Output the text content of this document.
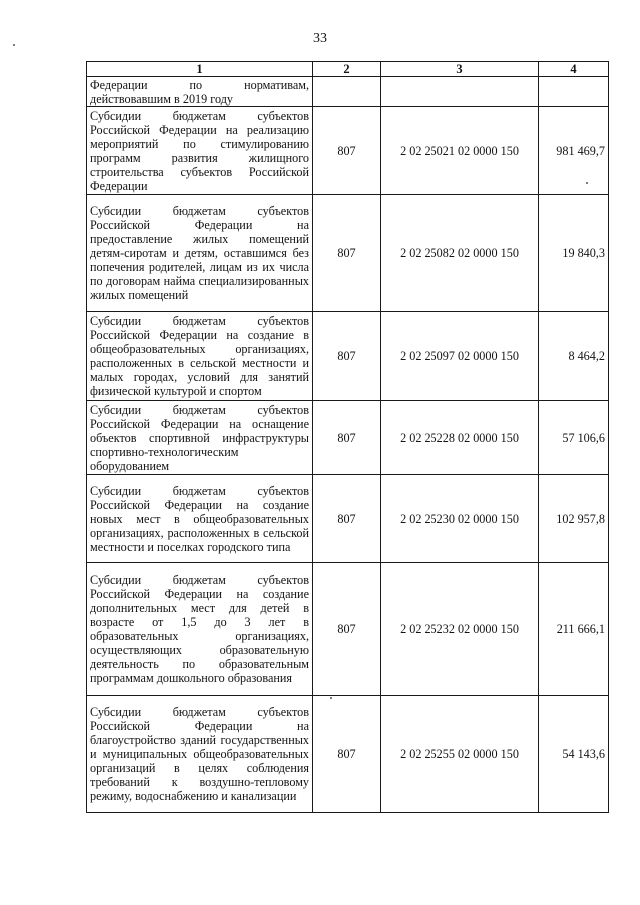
33
1	2	3	4
Федерации по нормативам, действовавшим в 2019 году			
Субсидии бюджетам субъектов Российской Федерации на реализацию мероприятий по стимулированию программ развития жилищного строительства субъектов Российской Федерации	807	2 02 25021 02 0000 150	981 469,7
Субсидии бюджетам субъектов Российской Федерации на предоставление жилых помещений детям-сиротам и детям, оставшимся без попечения родителей, лицам из их числа по договорам найма специализированных жилых помещений	807	2 02 25082 02 0000 150	19 840,3
Субсидии бюджетам субъектов Российской Федерации на создание в общеобразовательных организациях, расположенных в сельской местности и малых городах, условий для занятий физической культурой и спортом	807	2 02 25097 02 0000 150	8 464,2
Субсидии бюджетам субъектов Российской Федерации на оснащение объектов спортивной инфраструктуры спортивно-технологическим оборудованием	807	2 02 25228 02 0000 150	57 106,6
Субсидии бюджетам субъектов Российской Федерации на создание новых мест в общеобразовательных организациях, расположенных в сельской местности и поселках городского типа	807	2 02 25230 02 0000 150	102 957,8
Субсидии бюджетам субъектов Российской Федерации на создание дополнительных мест для детей в возрасте от 1,5 до 3 лет в образовательных организациях, осуществляющих образовательную деятельность по образовательным программам дошкольного образования	807	2 02 25232 02 0000 150	211 666,1
Субсидии бюджетам субъектов Российской Федерации на благоустройство зданий государственных и муниципальных общеобразовательных организаций в целях соблюдения требований к воздушно-тепловому режиму, водоснабжению и канализации	807	2 02 25255 02 0000 150	54 143,6
